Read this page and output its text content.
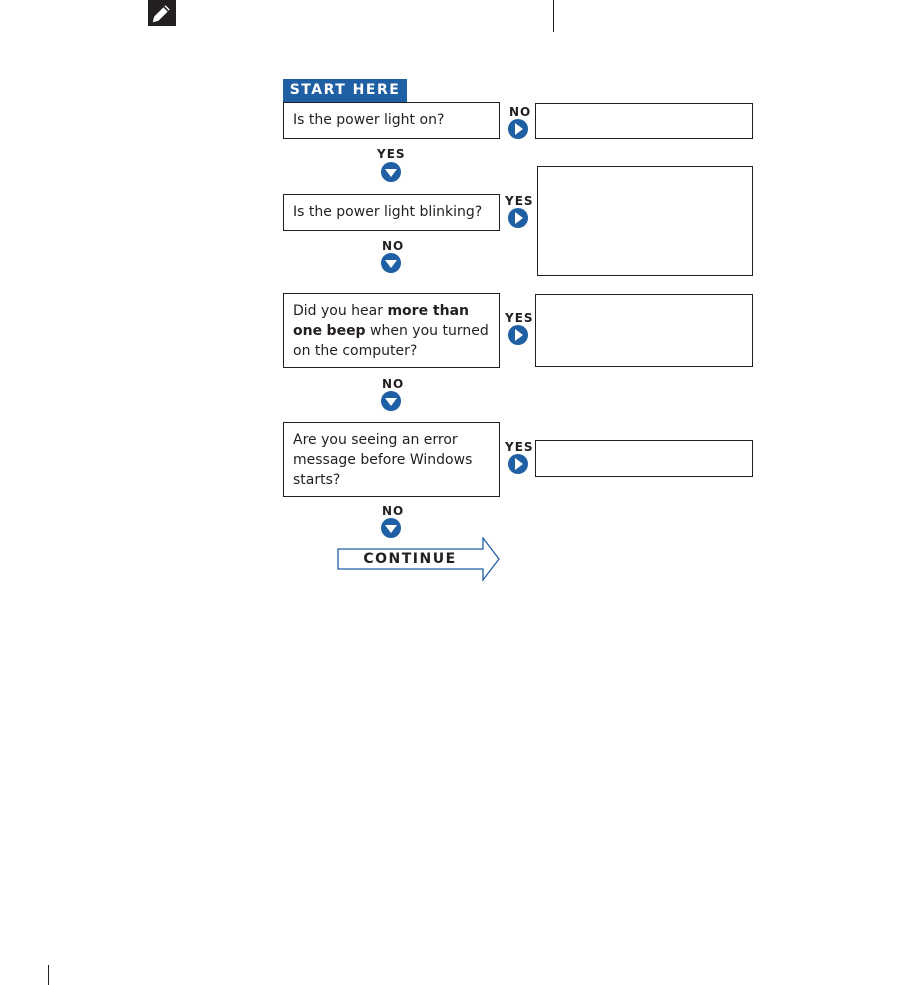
START HERE
Is the power light on?	NO
YES
Is the power light blinking?
YES
NO
Did you hear more than one beep when you turned on the computer?
YES
NO
Are you seeing an error message before Windows starts?
YES
NO
CONTINUE
